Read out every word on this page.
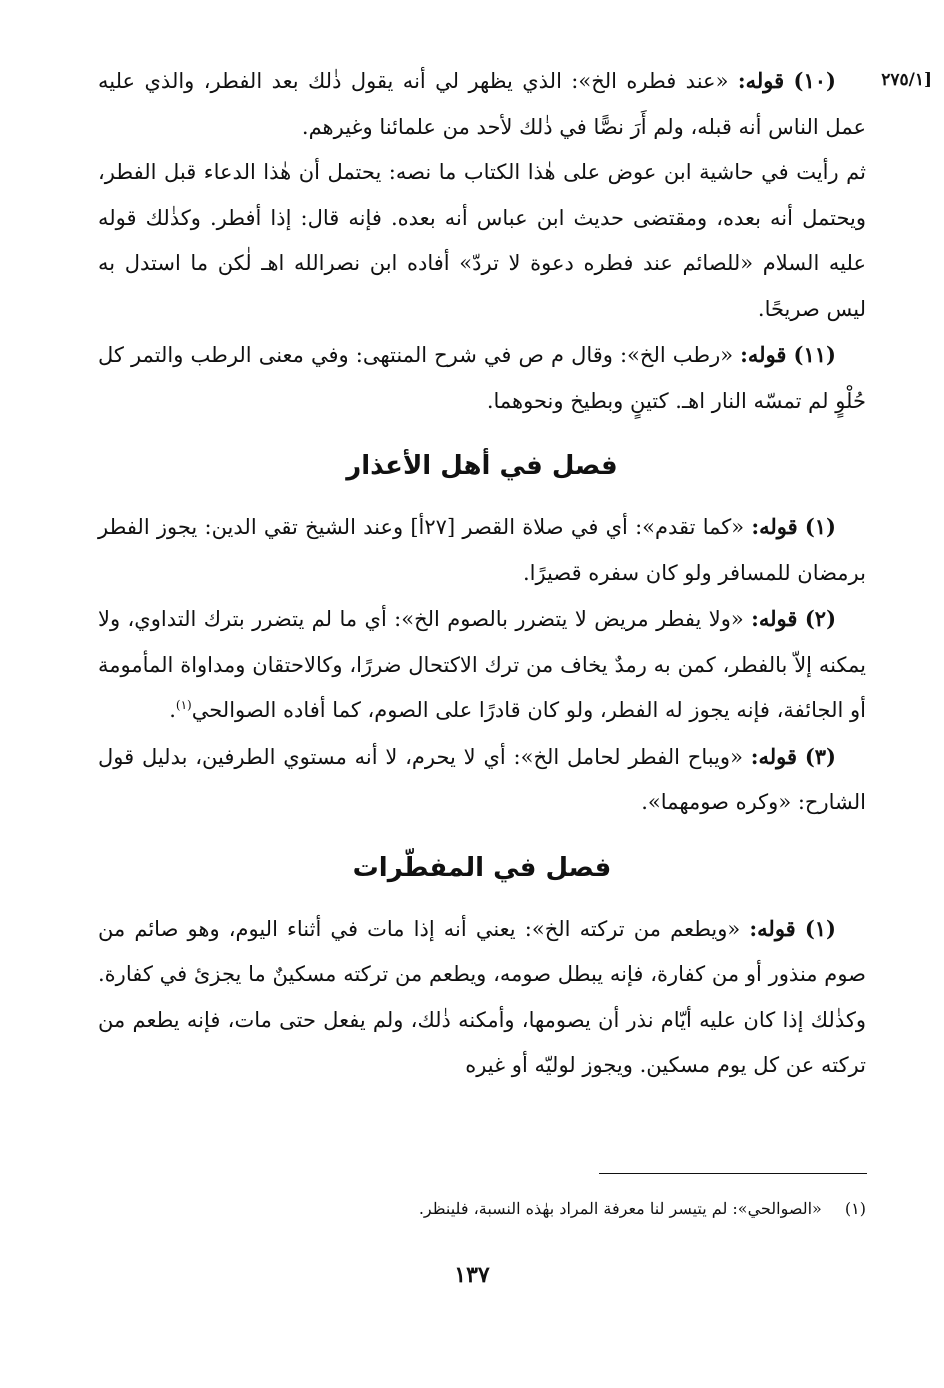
[٢٧٥/١

(١٠) قوله: «عند فطره الخ»: الذي يظهر لي أنه يقول ذٰلك بعد الفطر، والذي عليه عمل الناس أنه قبله، ولم أَرَ نصًّا في ذٰلك لأحد من علمائنا وغيرهم.

ثم رأيت في حاشية ابن عوض على هٰذا الكتاب ما نصه: يحتمل أن هٰذا الدعاء قبل الفطر، ويحتمل أنه بعده، ومقتضى حديث ابن عباس أنه بعده. فإنه قال: إذا أفطر. وكذٰلك قوله عليه السلام «للصائم عند فطره دعوة لا تردّ» أفاده ابن نصرالله اهـ لٰكن ما استدل به ليس صريحًا.

(١١) قوله: «رطب الخ»: وقال م ص في شرح المنتهى: وفي معنى الرطب والتمر كل حُلْوٍ لم تمسّه النار اهـ. كتينٍ وبطيخ ونحوهما.

فصل في أهل الأعذار

(١) قوله: «كما تقدم»: أي في صلاة القصر [٢٧أ] وعند الشيخ تقي الدين: يجوز الفطر برمضان للمسافر ولو كان سفره قصيرًا.

(٢) قوله: «ولا يفطر مريض لا يتضرر بالصوم الخ»: أي ما لم يتضرر بترك التداوي، ولا يمكنه إلاّ بالفطر، كمن به رمدٌ يخاف من ترك الاكتحال ضررًا، وكالاحتقان ومداواة المأمومة أو الجائفة، فإنه يجوز له الفطر، ولو كان قادرًا على الصوم، كما أفاده الصوالحي$^{(١)}$.

(٣) قوله: «ويباح الفطر لحامل الخ»: أي لا يحرم، لا أنه مستوي الطرفين، بدليل قول الشارح: «وكره صومهما».

فصل في المفطّرات

(١) قوله: «ويطعم من تركته الخ»: يعني أنه إذا مات في أثناء اليوم، وهو صائم من صوم منذور أو من كفارة، فإنه يبطل صومه، ويطعم من تركته مسكينٌ ما يجزئ في كفارة. وكذٰلك إذا كان عليه أيّام نذر أن يصومها، وأمكنه ذٰلك، ولم يفعل حتى مات، فإنه يطعم من تركته عن كل يوم مسكين. ويجوز لوليّه أو غيره

(١) «الصوالحي»: لم يتيسر لنا معرفة المراد بهٰذه النسبة، فلينظر.
١٣٧
